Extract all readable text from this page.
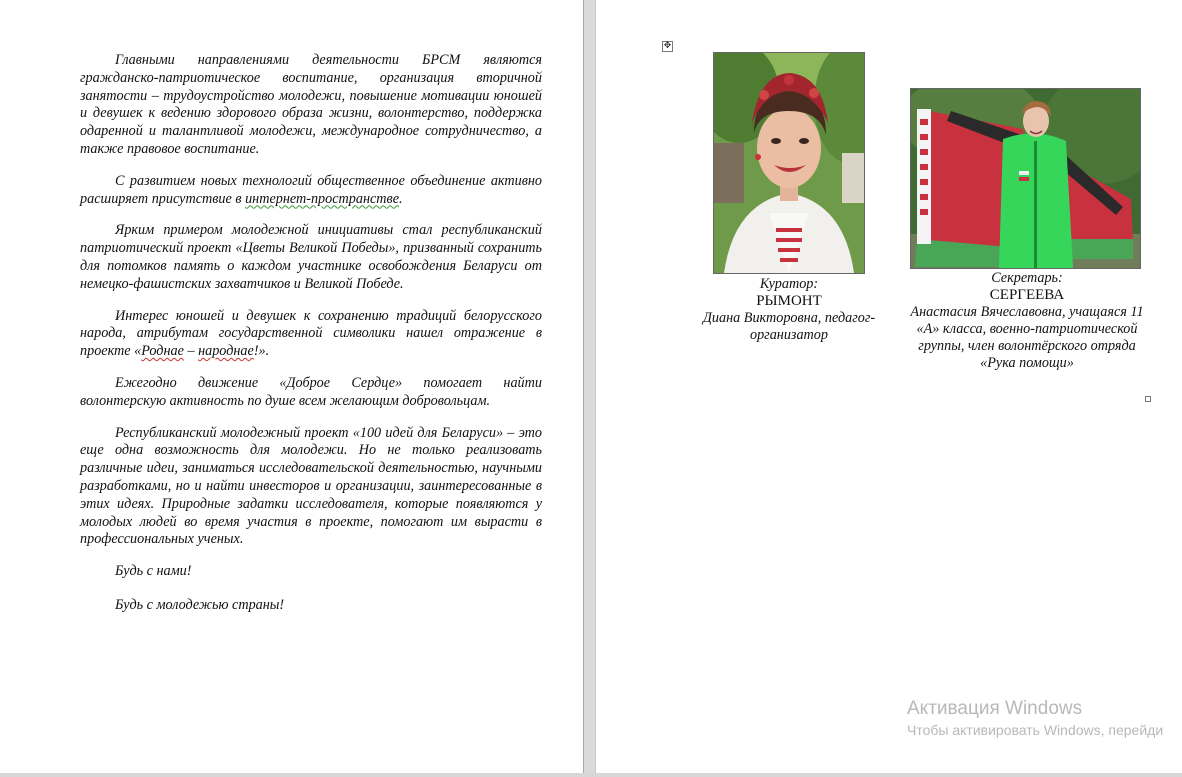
Главными направлениями деятельности БРСМ являются гражданско-патриотическое воспитание, организация вторичной занятости – трудоустройство молодежи, повышение мотивации юношей и девушек к ведению здорового образа жизни, волонтерство, поддержка одаренной и талантливой молодежи, международное сотрудничество, а также правовое воспитание.

С развитием новых технологий общественное объединение активно расширяет присутствие в интернет-пространстве.

Ярким примером молодежной инициативы стал республиканский патриотический проект «Цветы Великой Победы», призванный сохранить для потомков память о каждом участнике освобождения Беларуси от немецко-фашистских захватчиков и Великой Победе.

Интерес юношей и девушек к сохранению традиций белорусского народа, атрибутам государственной символики нашел отражение в проекте «Роднае – народнае!».

Ежегодно движение «Доброе Сердце» помогает найти волонтерскую активность по душе всем желающим добровольцам.

Республиканский молодежный проект «100 идей для Беларуси» – это еще одна возможность для молодежи. Но не только реализовать различные идеи, заниматься исследовательской деятельностью, научными разработками, но и найти инвесторов и организации, заинтересованные в этих идеях. Природные задатки исследователя, которые появляются у молодых людей во время участия в проекте, помогают им вырасти в профессиональных ученых.

Будь с нами!

Будь с молодежью страны!

✥
Куратор:
РЫМОНТ
Диана Викторовна, педагог-организатор
Секретарь:
СЕРГЕЕВА
Анастасия Вячеславовна, учащаяся 11 «А» класса, военно-патриотической группы, член волонтёрского отряда «Рука помощи»
Активация Windows
Чтобы активировать Windows, перейди
